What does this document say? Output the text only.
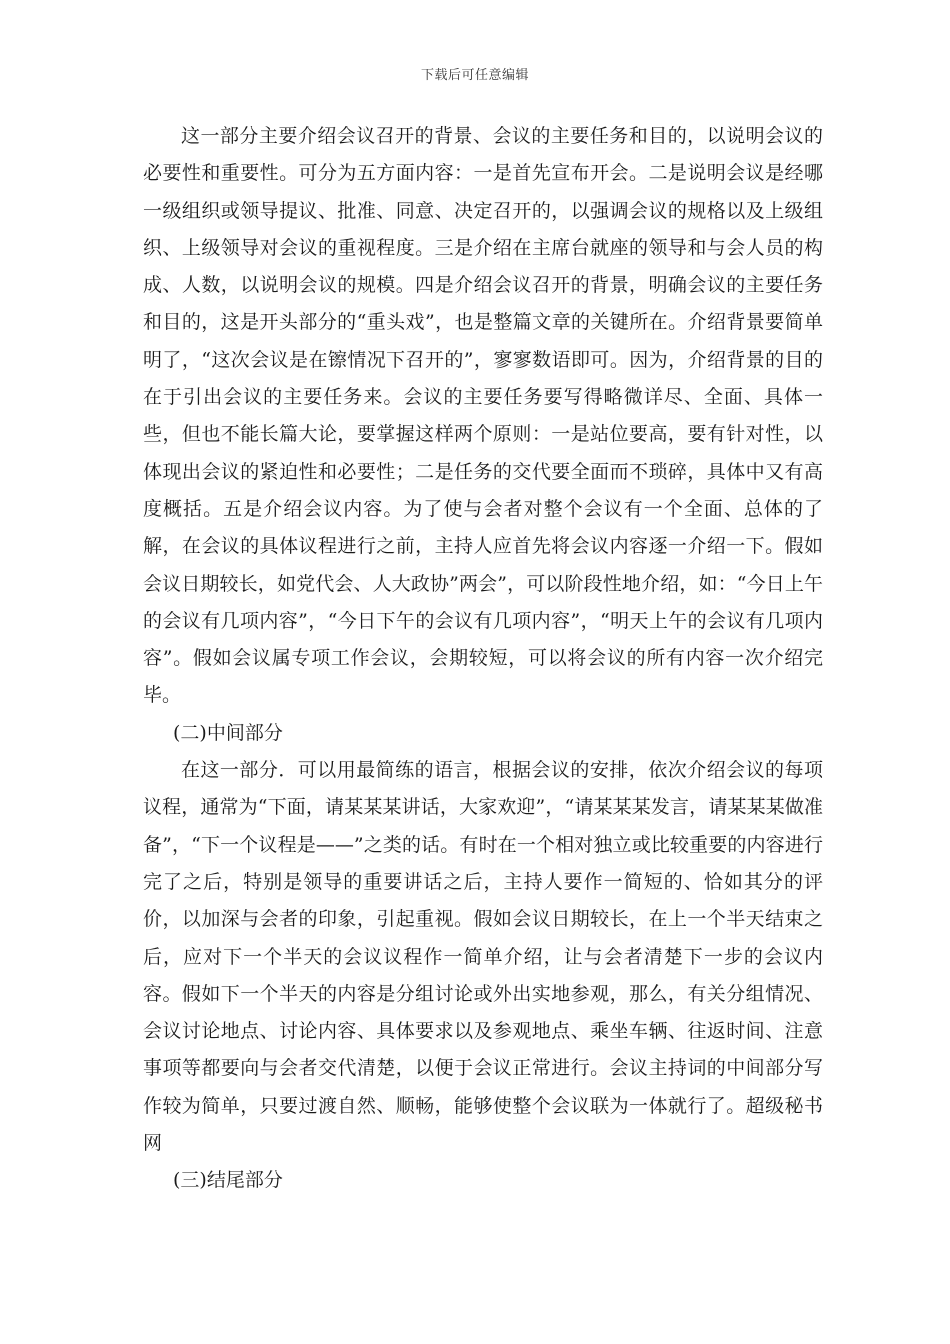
下载后可任意编辑

这一部分主要介绍会议召开的背景、会议的主要任务和目的，以说明会议的必要性和重要性。可分为五方面内容：一是首先宣布开会。二是说明会议是经哪一级组织或领导提议、批准、同意、决定召开的，以强调会议的规格以及上级组织、上级领导对会议的重视程度。三是介绍在主席台就座的领导和与会人员的构成、人数，以说明会议的规模。四是介绍会议召开的背景，明确会议的主要任务和目的，这是开头部分的“重头戏”，也是整篇文章的关键所在。介绍背景要简单明了，“这次会议是在镲情况下召开的”，寥寥数语即可。因为，介绍背景的目的在于引出会议的主要任务来。会议的主要任务要写得略微详尽、全面、具体一些，但也不能长篇大论，要掌握这样两个原则：一是站位要高，要有针对性，以体现出会议的紧迫性和必要性；二是任务的交代要全面而不琐碎，具体中又有高度概括。五是介绍会议内容。为了使与会者对整个会议有一个全面、总体的了解，在会议的具体议程进行之前，主持人应首先将会议内容逐一介绍一下。假如会议日期较长，如党代会、人大政协”两会”，可以阶段性地介绍，如：“今日上午的会议有几项内容”，“今日下午的会议有几项内容”，“明天上午的会议有几项内容”。假如会议属专项工作会议，会期较短，可以将会议的所有内容一次介绍完毕。

(二)中间部分

在这一部分．可以用最简练的语言，根据会议的安排，依次介绍会议的每项议程，通常为“下面，请某某某讲话，大家欢迎”，“请某某某发言，请某某某做准备”，“下一个议程是——”之类的话。有时在一个相对独立或比较重要的内容进行完了之后，特别是领导的重要讲话之后，主持人要作一简短的、恰如其分的评价，以加深与会者的印象，引起重视。假如会议日期较长，在上一个半天结束之后，应对下一个半天的会议议程作一简单介绍，让与会者清楚下一步的会议内容。假如下一个半天的内容是分组讨论或外出实地参观，那么，有关分组情况、会议讨论地点、讨论内容、具体要求以及参观地点、乘坐车辆、往返时间、注意事项等都要向与会者交代清楚，以便于会议正常进行。会议主持词的中间部分写作较为简单，只要过渡自然、顺畅，能够使整个会议联为一体就行了。超级秘书网

(三)结尾部分
